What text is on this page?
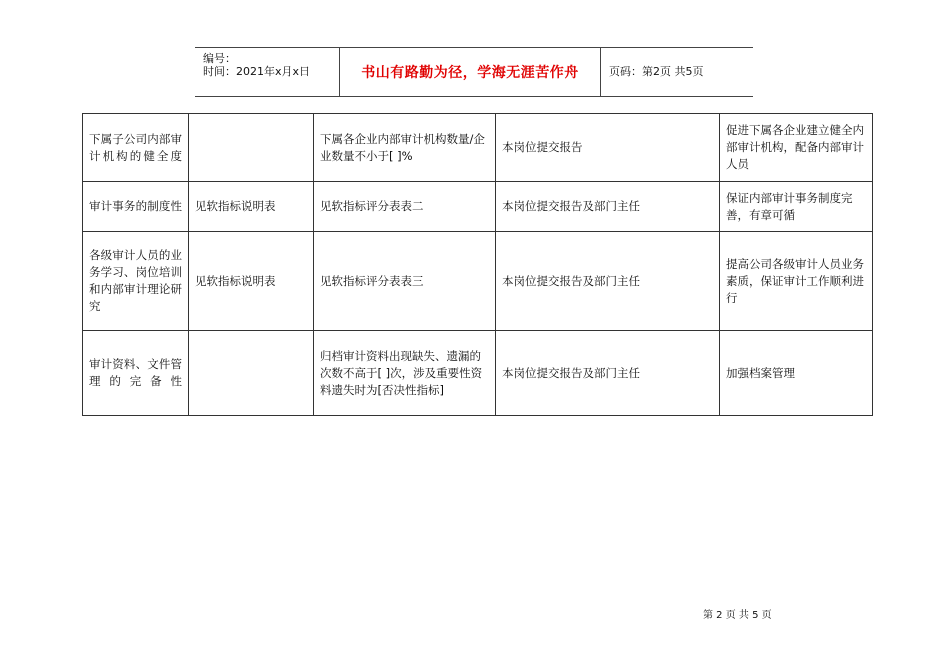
编号：
时间：2021年x月x日	书山有路勤为径，学海无涯苦作舟	页码：第2页 共5页
下属子公司内部审计机构的健全度		下属各企业内部审计机构数量/企业数量不小于[ ]%	本岗位提交报告	促进下属各企业建立健全内部审计机构，配备内部审计人员
审计事务的制度性	见软指标说明表	见软指标评分表表二	本岗位提交报告及部门主任	保证内部审计事务制度完善，有章可循
各级审计人员的业务学习、岗位培训和内部审计理论研究	见软指标说明表	见软指标评分表表三	本岗位提交报告及部门主任	提高公司各级审计人员业务素质，保证审计工作顺利进行
审计资料、文件管理的完备性		归档审计资料出现缺失、遗漏的次数不高于[ ]次，涉及重要性资料遗失时为[否决性指标]	本岗位提交报告及部门主任	加强档案管理
第 2 页 共 5 页
